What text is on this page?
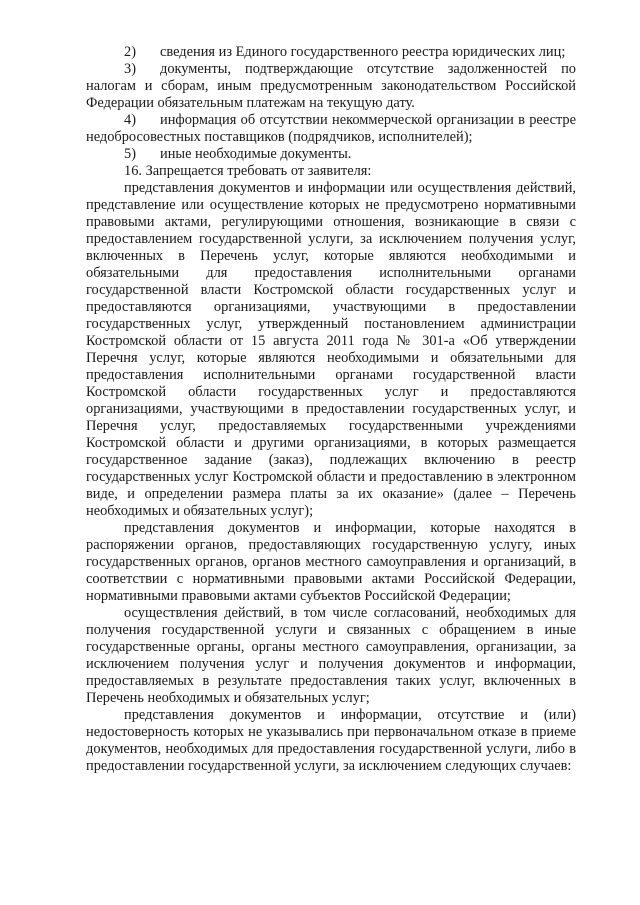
2) сведения из Единого государственного реестра юридических лиц;

3) документы, подтверждающие отсутствие задолженностей по налогам и сборам, иным предусмотренным законодательством Российской Федерации обязательным платежам на текущую дату.

4) информация об отсутствии некоммерческой организации в реестре недобросовестных поставщиков (подрядчиков, исполнителей);

5) иные необходимые документы.

16. Запрещается требовать от заявителя:

представления документов и информации или осуществления действий, представление или осуществление которых не предусмотрено нормативными правовыми актами, регулирующими отношения, возникающие в связи с предоставлением государственной услуги, за исключением получения услуг, включенных в Перечень услуг, которые являются необходимыми и обязательными для предоставления исполнительными органами государственной власти Костромской области государственных услуг и предоставляются организациями, участвующими в предоставлении государственных услуг, утвержденный постановлением администрации Костромской области от 15 августа 2011 года № 301-а «Об утверждении Перечня услуг, которые являются необходимыми и обязательными для предоставления исполнительными органами государственной власти Костромской области государственных услуг и предоставляются организациями, участвующими в предоставлении государственных услуг, и Перечня услуг, предоставляемых государственными учреждениями Костромской области и другими организациями, в которых размещается государственное задание (заказ), подлежащих включению в реестр государственных услуг Костромской области и предоставлению в электронном виде, и определении размера платы за их оказание» (далее – Перечень необходимых и обязательных услуг);

представления документов и информации, которые находятся в распоряжении органов, предоставляющих государственную услугу, иных государственных органов, органов местного самоуправления и организаций, в соответствии с нормативными правовыми актами Российской Федерации, нормативными правовыми актами субъектов Российской Федерации;

осуществления действий, в том числе согласований, необходимых для получения государственной услуги и связанных с обращением в иные государственные органы, органы местного самоуправления, организации, за исключением получения услуг и получения документов и информации, предоставляемых в результате предоставления таких услуг, включенных в Перечень необходимых и обязательных услуг;

представления документов и информации, отсутствие и (или) недостоверность которых не указывались при первоначальном отказе в приеме документов, необходимых для предоставления государственной услуги, либо в предоставлении государственной услуги, за исключением следующих случаев:
